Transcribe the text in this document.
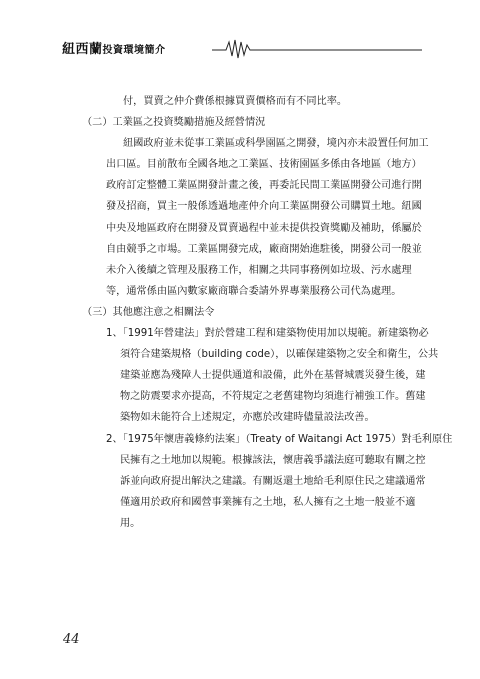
紐西蘭投資環境簡介
付，買賣之仲介費係根據買賣價格而有不同比率。
（二）工業區之投資獎勵措施及經營情況
紐國政府並未從事工業區或科學園區之開發，境內亦未設置任何加工
出口區。目前散布全國各地之工業區、技術園區多係由各地區（地方）
政府訂定整體工業區開發計畫之後，再委託民間工業區開發公司進行開
發及招商，買主一般係透過地產仲介向工業區開發公司購買土地。紐國
中央及地區政府在開發及買賣過程中並未提供投資獎勵及補助，係屬於
自由競爭之市場。工業區開發完成，廠商開始進駐後，開發公司一般並
未介入後續之管理及服務工作，相關之共同事務例如垃圾、污水處理
等，通常係由區內數家廠商聯合委請外界專業服務公司代為處理。
（三）其他應注意之相關法令
1、「1991年營建法」對於營建工程和建築物使用加以規範。新建築物必
須符合建築規格（building code），以確保建築物之安全和衛生，公共
建築並應為殘障人士提供通道和設備，此外在基督城震災發生後，建
物之防震要求亦提高，不符規定之老舊建物均須進行補強工作。舊建
築物如未能符合上述規定，亦應於改建時儘量設法改善。
2、「1975年懷唐義條約法案」（Treaty of Waitangi Act 1975）對毛利原住
民擁有之土地加以規範。根據該法，懷唐義爭議法庭可聽取有關之控
訴並向政府提出解決之建議。有關返還土地給毛利原住民之建議通常
僅適用於政府和國營事業擁有之土地，私人擁有之土地一般並不適
用。
44
